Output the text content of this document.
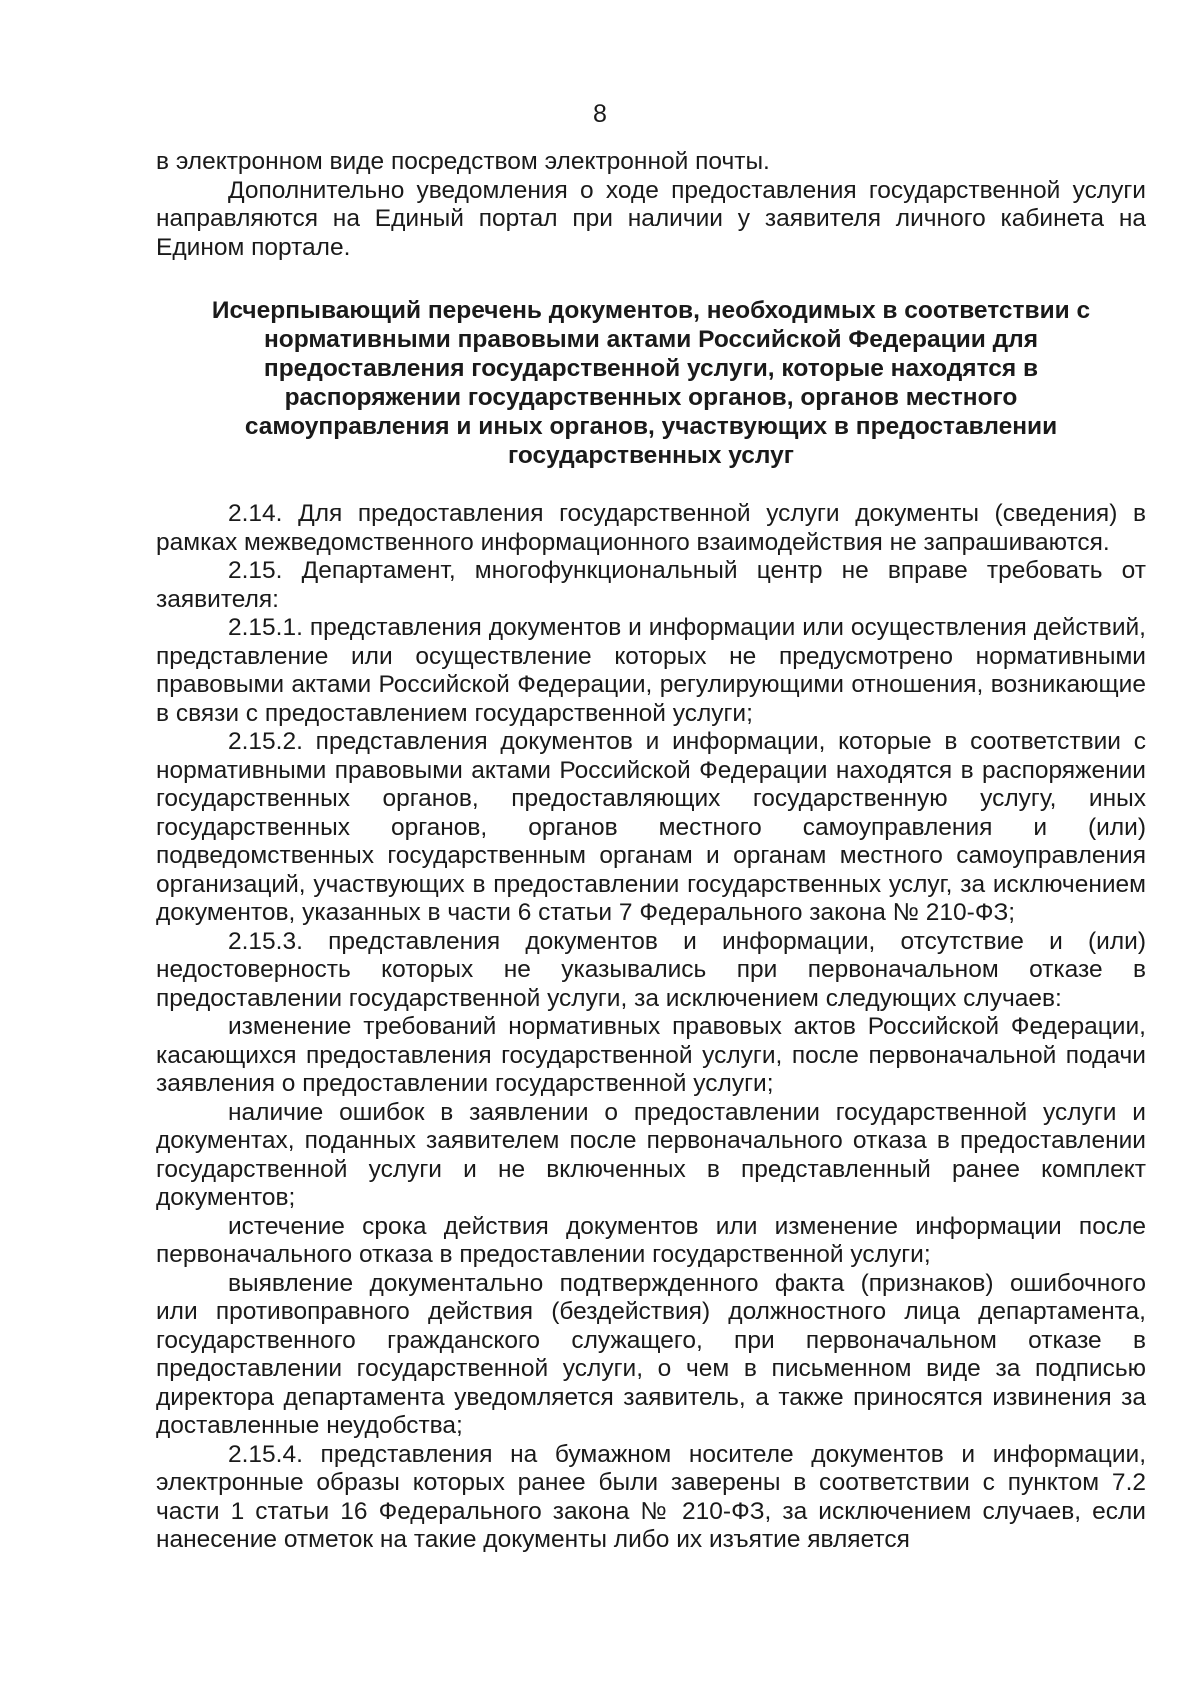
8

в электронном виде посредством электронной почты.

Дополнительно уведомления о ходе предоставления государственной услуги направляются на Единый портал при наличии у заявителя личного кабинета на Едином портале.

Исчерпывающий перечень документов, необходимых в соответствии с нормативными правовыми актами Российской Федерации для предоставления государственной услуги, которые находятся в распоряжении государственных органов, органов местного самоуправления и иных органов, участвующих в предоставлении государственных услуг

2.14. Для предоставления государственной услуги документы (сведения) в рамках межведомственного информационного взаимодействия не запрашиваются.

2.15. Департамент, многофункциональный центр не вправе требовать от заявителя:

2.15.1. представления документов и информации или осуществления действий, представление или осуществление которых не предусмотрено нормативными правовыми актами Российской Федерации, регулирующими отношения, возникающие в связи с предоставлением государственной услуги;

2.15.2. представления документов и информации, которые в соответствии с нормативными правовыми актами Российской Федерации находятся в распоряжении государственных органов, предоставляющих государственную услугу, иных государственных органов, органов местного самоуправления и (или) подведомственных государственным органам и органам местного самоуправления организаций, участвующих в предоставлении государственных услуг, за исключением документов, указанных в части 6 статьи 7 Федерального закона № 210-ФЗ;

2.15.3. представления документов и информации, отсутствие и (или) недостоверность которых не указывались при первоначальном отказе в предоставлении государственной услуги, за исключением следующих случаев:

изменение требований нормативных правовых актов Российской Федерации, касающихся предоставления государственной услуги, после первоначальной подачи заявления о предоставлении государственной услуги;

наличие ошибок в заявлении о предоставлении государственной услуги и документах, поданных заявителем после первоначального отказа в предоставлении государственной услуги и не включенных в представленный ранее комплект документов;

истечение срока действия документов или изменение информации после первоначального отказа в предоставлении государственной услуги;

выявление документально подтвержденного факта (признаков) ошибочного или противоправного действия (бездействия) должностного лица департамента, государственного гражданского служащего, при первоначальном отказе в предоставлении государственной услуги, о чем в письменном виде за подписью директора департамента уведомляется заявитель, а также приносятся извинения за доставленные неудобства;

2.15.4. представления на бумажном носителе документов и информации, электронные образы которых ранее были заверены в соответствии с пунктом 7.2 части 1 статьи 16 Федерального закона № 210-ФЗ, за исключением случаев, если нанесение отметок на такие документы либо их изъятие является
